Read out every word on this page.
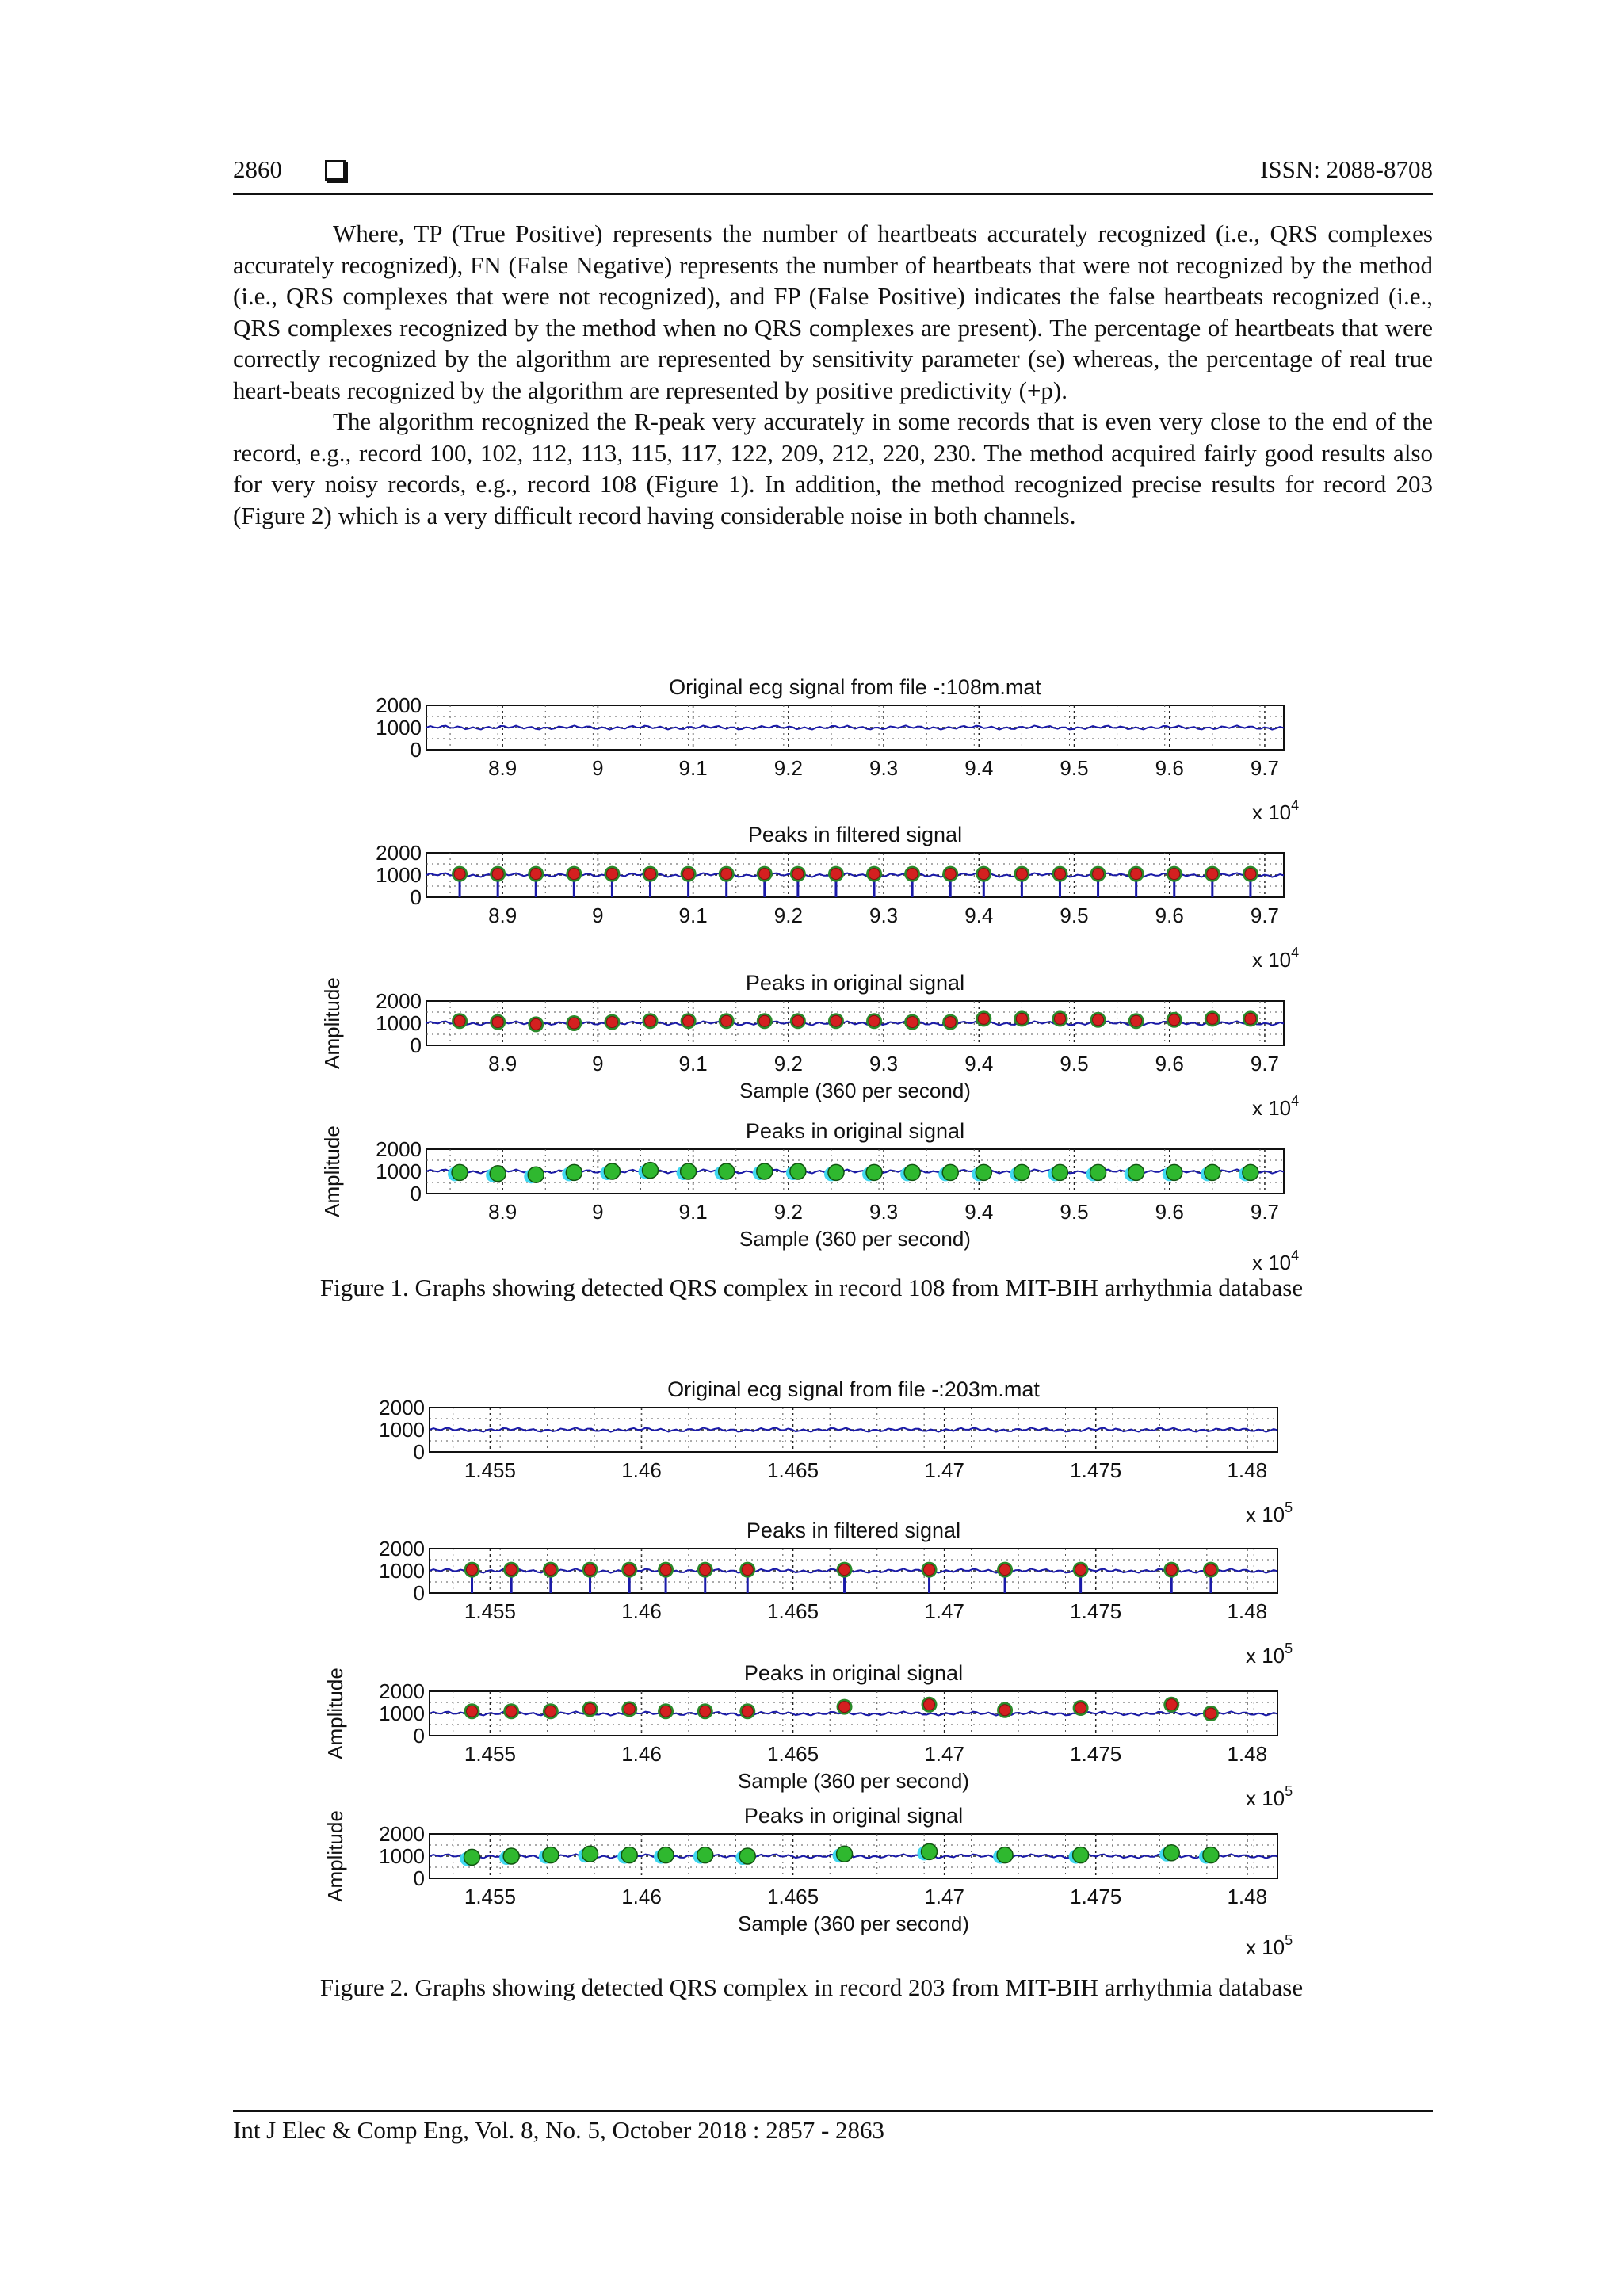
2860	ISSN: 2088-8708

Where, TP (True Positive) represents the number of heartbeats accurately recognized (i.e., QRS complexes accurately recognized), FN (False Negative) represents the number of heartbeats that were not recognized by the method (i.e., QRS complexes that were not recognized), and FP (False Positive) indicates the false heartbeats recognized (i.e., QRS complexes recognized by the method when no QRS complexes are present). The percentage of heartbeats that were correctly recognized by the algorithm are represented by sensitivity parameter (se) whereas, the percentage of real true heart-beats recognized by the algorithm are represented by positive predictivity (+p).

The algorithm recognized the R-peak very accurately in some records that is even very close to the end of the record, e.g., record 100, 102, 112, 113, 115, 117, 122, 209, 212, 220, 230. The method acquired fairly good results also for very noisy records, e.g., record 108 (Figure 1). In addition, the method recognized precise results for record 203 (Figure 2) which is a very difficult record having considerable noise in both channels.

Original ecg signal from file -:108m.mat
8.9	9	9.1	9.2	9.3	9.4	9.5	9.6	9.7
2000
1000
0
x $10^4$
Peaks in filtered signal
8.9	9	9.1	9.2	9.3	9.4	9.5	9.6	9.7
2000
1000
0
x $10^4$
Peaks in original signal
8.9	9	9.1	9.2	9.3	9.4	9.5	9.6	9.7
2000
1000
0
x $10^4$
Sample (360 per second)
Amplitude
Peaks in original signal
8.9	9	9.1	9.2	9.3	9.4	9.5	9.6	9.7
2000
1000
0
x $10^4$
Sample (360 per second)
Amplitude
Figure 1. Graphs showing detected QRS complex in record 108 from MIT-BIH arrhythmia database
Original ecg signal from file -:203m.mat
1.455	1.46	1.465	1.47	1.475	1.48
2000
1000
0
x $10^5$
Peaks in filtered signal
1.455	1.46	1.465	1.47	1.475	1.48
2000
1000
0
x $10^5$
Peaks in original signal
1.455	1.46	1.465	1.47	1.475	1.48
2000
1000
0
x $10^5$
Sample (360 per second)
Amplitude
Peaks in original signal
1.455	1.46	1.465	1.47	1.475	1.48
2000
1000
0
x $10^5$
Sample (360 per second)
Amplitude
Figure 2. Graphs showing detected QRS complex in record 203 from MIT-BIH arrhythmia database
Int J Elec & Comp Eng, Vol. 8, No. 5, October 2018 : 2857 - 2863
